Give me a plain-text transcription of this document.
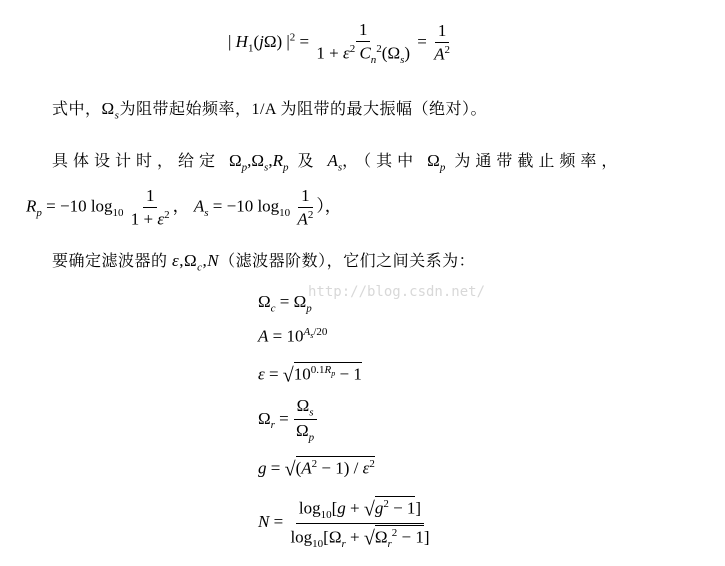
| $H_1(j\Omega) |^2 = \frac{1}{1 + \varepsilon^2 C_n^2(\Omega_s)} = \frac{1}{A^2}$
式中，$\Omega_s$为阻带起始频率，1/A 为阻带的最大振幅（绝对）。
具体设计时，给定 $\Omega_p,\Omega_s,R_p$ 及 $A_s$，（其中 $\Omega_p$ 为通带截止频率，
$R_p = -10$ $\log_{10} \frac{1}{1 + \varepsilon^2}$ ， $A_s = -10$ $\log_{10} \frac{1}{A^2}$ ），
要确定滤波器的 $\varepsilon,\Omega_c,N$（滤波器阶数），它们之间关系为：
http://blog.csdn.net/
$\Omega_c = \Omega_p$
$A = 10^{A_s/20}$
$\varepsilon = √10^{0.1R_p} - 1$
$\Omega_r = \frac{\Omega_s}{\Omega_p}$
$g = √(A^2 - 1) / \varepsilon^2$
$N = \frac{\log_{10}[g + √g^2 - 1]}{\log_{10}[\Omega_r + √\Omega_r^2 - 1]}$
